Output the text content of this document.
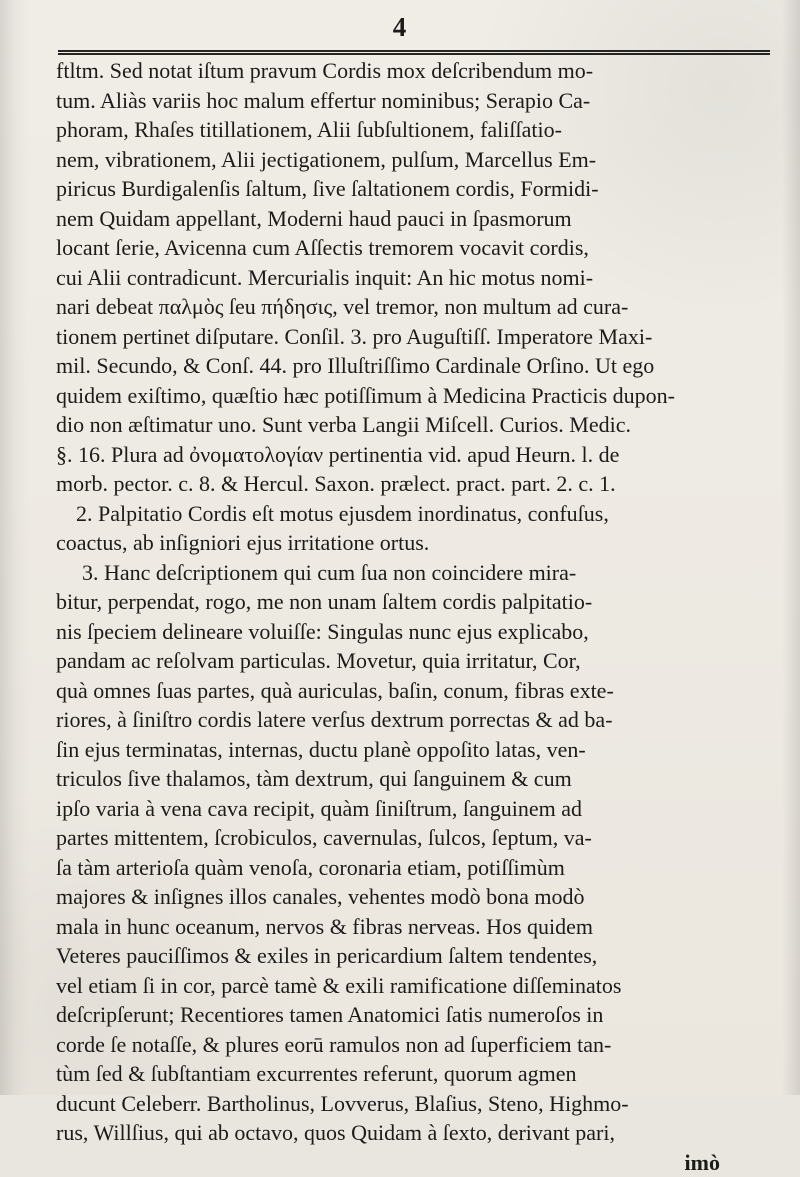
4
ftltm. Sed notat iſtum pravum Cordis mox deſcribendum mo-
tum. Aliàs variis hoc malum effertur nominibus; Serapio Ca-
phoram, Rhaſes titillationem, Alii ſubſultionem, faliſſatio-
nem, vibrationem, Alii jectigationem, pulſum, Marcellus Em-
piricus Burdigalenſis ſaltum, ſive ſaltationem cordis, Formidi-
nem Quidam appellant, Moderni haud pauci in ſpasmorum
locant ſerie, Avicenna cum Aſſectis tremorem vocavit cordis,
cui Alii contradicunt. Mercurialis inquit: An hic motus nomi-
nari debeat παλμὸς ſeu πήδησις, vel tremor, non multum ad cura-
tionem pertinet diſputare. Conſil. 3. pro Auguſtiſſ. Imperatore Maxi-
mil. Secundo, & Conſ. 44. pro Illuſtriſſimo Cardinale Orſino. Ut ego
quidem exiſtimo, quæſtio hæc potiſſimum à Medicina Practicis dupon-
dio non æſtimatur uno. Sunt verba Langii Miſcell. Curios. Medic.
§. 16. Plura ad ὀνοματολογίαν pertinentia vid. apud Heurn. l. de
morb. pector. c. 8. & Hercul. Saxon. prælect. pract. part. 2. c. 1.
2. Palpitatio Cordis eſt motus ejusdem inordinatus, confuſus,
coactus, ab inſigniori ejus irritatione ortus.
3. Hanc deſcriptionem qui cum ſua non coincidere mira-
bitur, perpendat, rogo, me non unam ſaltem cordis palpitatio-
nis ſpeciem delineare voluiſſe: Singulas nunc ejus explicabo,
pandam ac reſolvam particulas. Movetur, quia irritatur, Cor,
quà omnes ſuas partes, quà auriculas, baſin, conum, fibras exte-
riores, à ſiniſtro cordis latere verſus dextrum porrectas & ad ba-
ſin ejus terminatas, internas, ductu planè oppoſito latas, ven-
triculos ſive thalamos, tàm dextrum, qui ſanguinem & cum
ipſo varia à vena cava recipit, quàm ſiniſtrum, ſanguinem ad
partes mittentem, ſcrobiculos, cavernulas, ſulcos, ſeptum, va-
ſa tàm arterioſa quàm venoſa, coronaria etiam, potiſſimùm
majores & inſignes illos canales, vehentes modò bona modò
mala in hunc oceanum, nervos & fibras nerveas. Hos quidem
Veteres pauciſſimos & exiles in pericardium ſaltem tendentes,
vel etiam ſi in cor, parcè tamè & exili ramificatione diſſeminatos
deſcripſerunt; Recentiores tamen Anatomici ſatis numeroſos in
corde ſe notaſſe, & plures eorū ramulos non ad ſuperficiem tan-
tùm ſed & ſubſtantiam excurrentes referunt, quorum agmen
ducunt Celeberr. Bartholinus, Lovverus, Blaſius, Steno, Highmo-
rus, Willſius, qui ab octavo, quos Quidam à ſexto, derivant pari,
imò
